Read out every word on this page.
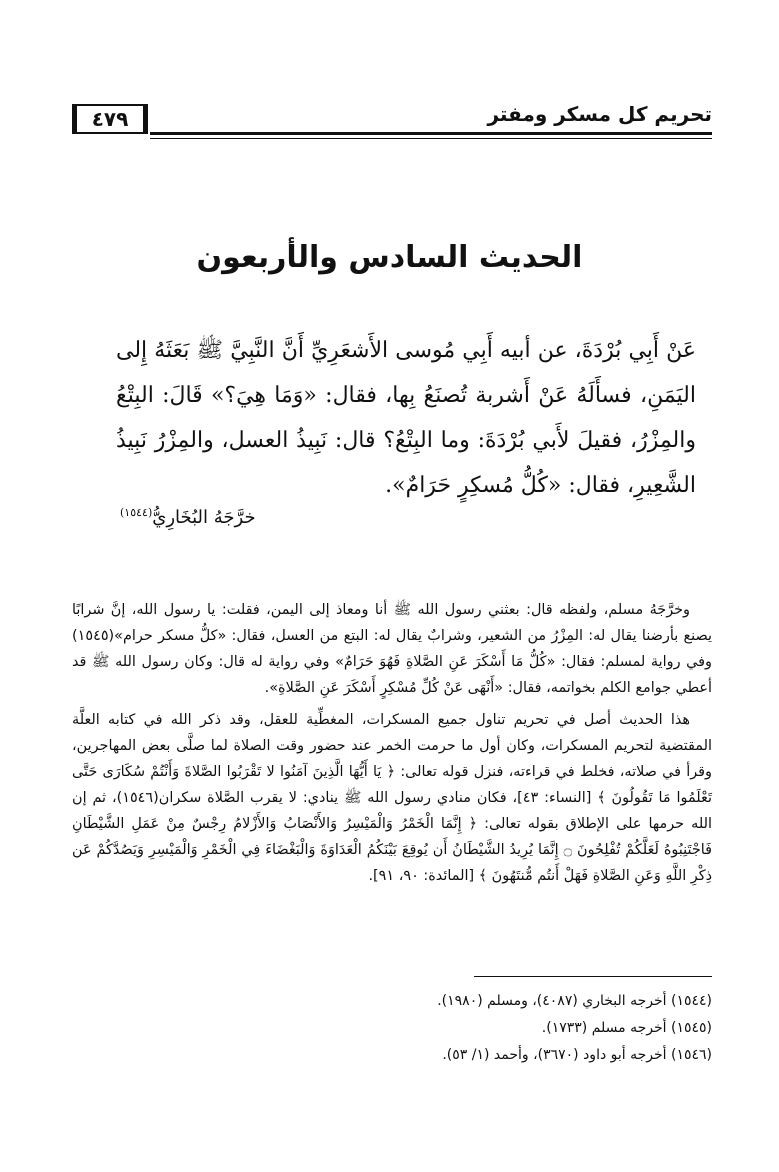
٤٧٩	تحريم كل مسكر ومفتر
الحديث السادس والأربعون
عَنْ أَبِي بُرْدَةَ، عن أبيه أَبِي مُوسى الأَشعَرِيِّ أَنَّ النَّبِيَّ ﷺ بَعَثَهُ إِلى اليَمَنِ، فسأَلَهُ عَنْ أَشربة تُصنَعُ بِها، فقال: «وَمَا هِيَ؟» قَالَ: البِتْعُ والمِزْرُ، فقيلَ لأَبي بُرْدَةَ: وما البِتْعُ؟ قال: نَبِيذُ العسل، والمِزْرُ نَبِيذُ الشَّعِيرِ، فقال: «كُلُّ مُسكِرٍ حَرَامٌ».
خرَّجَهُ البُخَارِيُّ$^{(١٥٤٤)}$

وخرَّجَهُ مسلم، ولفظه قال: بعثني رسول الله ﷺ أنا ومعاذ إلى اليمن، فقلت: يا رسول الله، إنَّ شرابًا يصنع بأرضنا يقال له: المِزْرُ من الشعير، وشرابٌ يقال له: البتع من العسل، فقال: «كلُّ مسكر حرام»(١٥٤٥) وفي رواية لمسلم: فقال: «كُلُّ مَا أَسْكَرَ عَنِ الصَّلاةِ فَهُوَ حَرَامٌ» وفي رواية له قال: وكان رسول الله ﷺ قد أعطي جوامع الكلم بخواتمه، فقال: «أَنْهَى عَنْ كُلِّ مُسْكِرٍ أَسْكَرَ عَنِ الصَّلاةِ».

هذا الحديث أصل في تحريم تناول جميع المسكرات، المغطِّية للعقل، وقد ذكر الله في كتابه العلَّة المقتضية لتحريم المسكرات، وكان أول ما حرمت الخمر عند حضور وقت الصلاة لما صلَّى بعض المهاجرين، وقرأ في صلاته، فخلط في قراءته، فنزل قوله تعالى: ﴿ يَا أَيُّهَا الَّذِينَ آمَنُوا لا تَقْرَبُوا الصَّلاةَ وَأَنْتُمْ سُكَارَى حَتَّى تَعْلَمُوا مَا تَقُولُونَ ﴾ [النساء: ٤٣]، فكان منادي رسول الله ﷺ ينادي: لا يقرب الصَّلاة سكران(١٥٤٦)، ثم إن الله حرمها على الإطلاق بقوله تعالى: ﴿ إِنَّمَا الْخَمْرُ وَالْمَيْسِرُ وَالأَنْصَابُ وَالأَزْلامُ رِجْسٌ مِنْ عَمَلِ الشَّيْطَانِ فَاجْتَنِبُوهُ لَعَلَّكُمْ تُفْلِحُونَ ۝ إِنَّمَا يُرِيدُ الشَّيْطَانُ أَن يُوقِعَ بَيْنَكُمُ الْعَدَاوَةَ وَالْبَغْضَاءَ فِي الْخَمْرِ وَالْمَيْسِرِ وَيَصُدَّكُمْ عَن ذِكْرِ اللَّهِ وَعَنِ الصَّلاةِ فَهَلْ أَنتُم مُّنتَهُونَ ﴾ [المائدة: ٩٠، ٩١].

(١٥٤٤) أخرجه البخاري (٤٠٨٧)، ومسلم (١٩٨٠).
(١٥٤٥) أخرجه مسلم (١٧٣٣).
(١٥٤٦) أخرجه أبو داود (٣٦٧٠)، وأحمد (١/ ٥٣).
